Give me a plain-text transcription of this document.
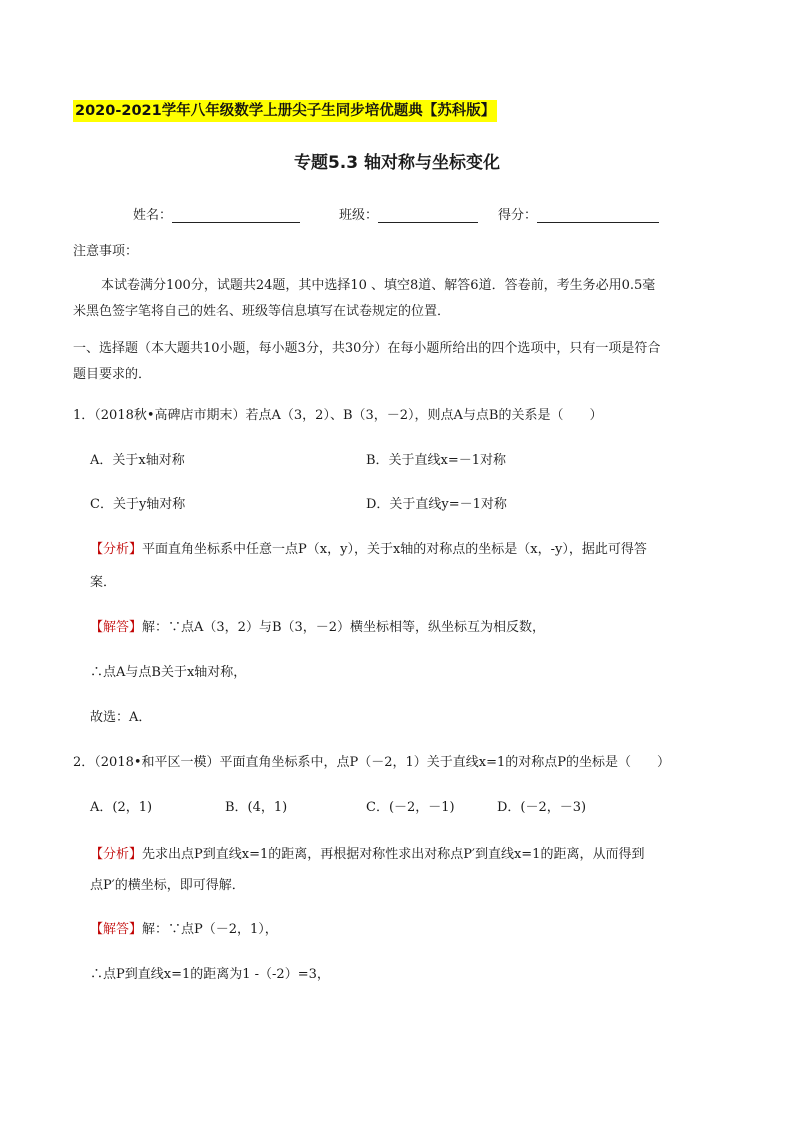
2020-2021学年八年级数学上册尖子生同步培优题典【苏科版】
专题5.3 轴对称与坐标变化
姓名：	班级：	得分：
注意事项：
本试卷满分100分，试题共24题，其中选择10 、填空8道、解答6道．答卷前，考生务必用0.5毫
米黑色签字笔将自己的姓名、班级等信息填写在试卷规定的位置．
一、选择题（本大题共10小题，每小题3分，共30分）在每小题所给出的四个选项中，只有一项是符合
题目要求的．
1．（2018秋•高碑店市期末）若点A（3，2）、B（3，－2），则点A与点B的关系是（　　）
A．关于x轴对称	B．关于直线x=－1对称
C．关于y轴对称	D．关于直线y=－1对称
【分析】平面直角坐标系中任意一点P（x，y），关于x轴的对称点的坐标是（x，-y），据此可得答
案．
【解答】解：∵点A（3，2）与B（3，－2）横坐标相等，纵坐标互为相反数，
∴点A与点B关于x轴对称，
故选：A．
2．（2018•和平区一模）平面直角坐标系中，点P（－2，1）关于直线x=1的对称点P的坐标是（　　）
A．(2，1)	B．(4，1)	C．(－2，－1)	D．(－2，－3)
【分析】先求出点P到直线x=1的距离，再根据对称性求出对称点P′到直线x=1的距离，从而得到
点P′的横坐标，即可得解．
【解答】解：∵点P（－2，1），
∴点P到直线x=1的距离为1 -（-2）=3，
